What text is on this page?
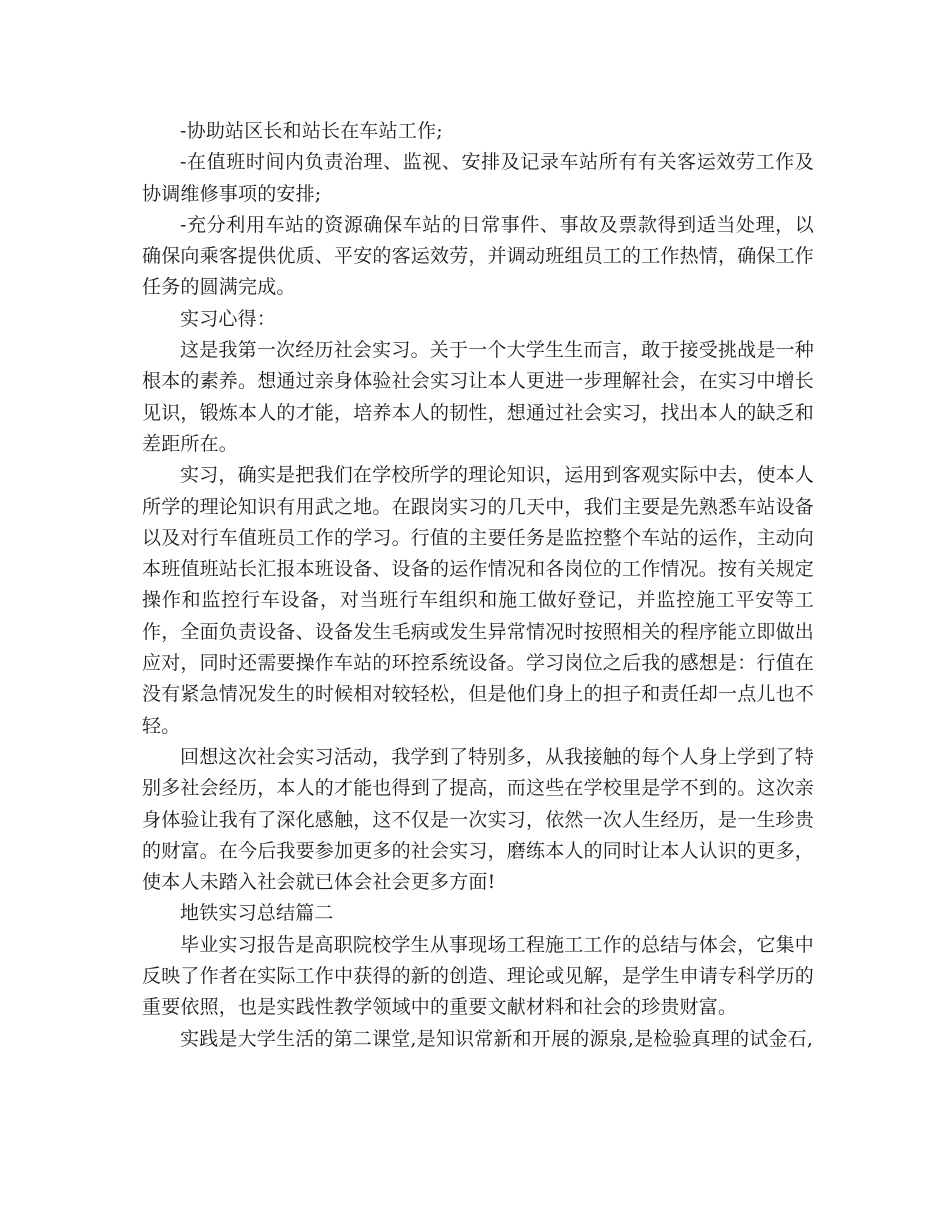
-协助站区长和站长在车站工作;

-在值班时间内负责治理、监视、安排及记录车站所有有关客运效劳工作及协调维修事项的安排;

-充分利用车站的资源确保车站的日常事件、事故及票款得到适当处理，以确保向乘客提供优质、平安的客运效劳，并调动班组员工的工作热情，确保工作任务的圆满完成。

实习心得：

这是我第一次经历社会实习。关于一个大学生生而言，敢于接受挑战是一种根本的素养。想通过亲身体验社会实习让本人更进一步理解社会，在实习中增长见识，锻炼本人的才能，培养本人的韧性，想通过社会实习，找出本人的缺乏和差距所在。

实习，确实是把我们在学校所学的理论知识，运用到客观实际中去，使本人所学的理论知识有用武之地。在跟岗实习的几天中，我们主要是先熟悉车站设备以及对行车值班员工作的学习。行值的主要任务是监控整个车站的运作，主动向本班值班站长汇报本班设备、设备的运作情况和各岗位的工作情况。按有关规定操作和监控行车设备，对当班行车组织和施工做好登记，并监控施工平安等工作，全面负责设备、设备发生毛病或发生异常情况时按照相关的程序能立即做出应对，同时还需要操作车站的环控系统设备。学习岗位之后我的感想是：行值在没有紧急情况发生的时候相对较轻松，但是他们身上的担子和责任却一点儿也不轻。

回想这次社会实习活动，我学到了特别多，从我接触的每个人身上学到了特别多社会经历，本人的才能也得到了提高，而这些在学校里是学不到的。这次亲身体验让我有了深化感触，这不仅是一次实习，依然一次人生经历，是一生珍贵的财富。在今后我要参加更多的社会实习，磨练本人的同时让本人认识的更多，使本人未踏入社会就已体会社会更多方面!

地铁实习总结篇二

毕业实习报告是高职院校学生从事现场工程施工工作的总结与体会，它集中反映了作者在实际工作中获得的新的创造、理论或见解，是学生申请专科学历的重要依照，也是实践性教学领域中的重要文献材料和社会的珍贵财富。

实践是大学生活的第二课堂,是知识常新和开展的源泉,是检验真理的试金石,
